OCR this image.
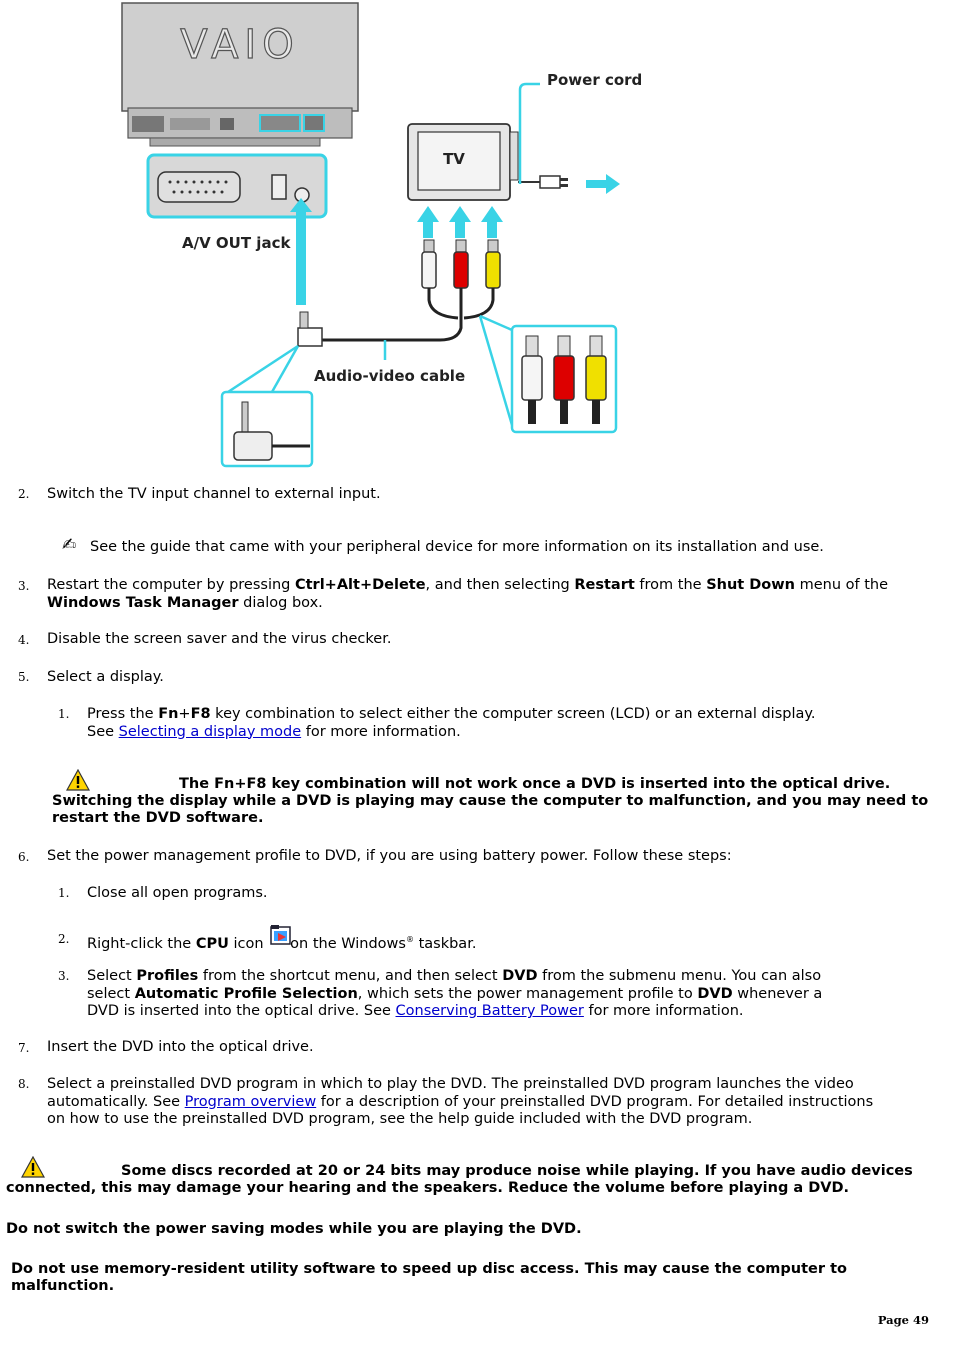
VAIO
A/V OUT jack
TV
Power cord
Audio-video cable
2. Switch the TV input channel to external input.
✍ See the guide that came with your peripheral device for more information on its installation and use.
3. Restart the computer by pressing Ctrl+Alt+Delete, and then selecting Restart from the Shut Down menu of the
Windows Task Manager dialog box.
4. Disable the screen saver and the virus checker.
5. Select a display.
1. Press the Fn+F8 key combination to select either the computer screen (LCD) or an external display.
See Selecting a display mode for more information.
The Fn+F8 key combination will not work once a DVD is inserted into the optical drive.
Switching the display while a DVD is playing may cause the computer to malfunction, and you may need to
restart the DVD software.
6. Set the power management profile to DVD, if you are using battery power. Follow these steps:
1. Close all open programs.
2. Right-click the CPU icon on the Windows® taskbar.
3. Select Profiles from the shortcut menu, and then select DVD from the submenu menu. You can also
select Automatic Profile Selection, which sets the power management profile to DVD whenever a
DVD is inserted into the optical drive. See Conserving Battery Power for more information.
7. Insert the DVD into the optical drive.
8. Select a preinstalled DVD program in which to play the DVD. The preinstalled DVD program launches the video
automatically. See Program overview for a description of your preinstalled DVD program. For detailed instructions
on how to use the preinstalled DVD program, see the help guide included with the DVD program.
Some discs recorded at 20 or 24 bits may produce noise while playing. If you have audio devices
connected, this may damage your hearing and the speakers. Reduce the volume before playing a DVD.
Do not switch the power saving modes while you are playing the DVD.
Do not use memory-resident utility software to speed up disc access. This may cause the computer to malfunction.
Page 49
